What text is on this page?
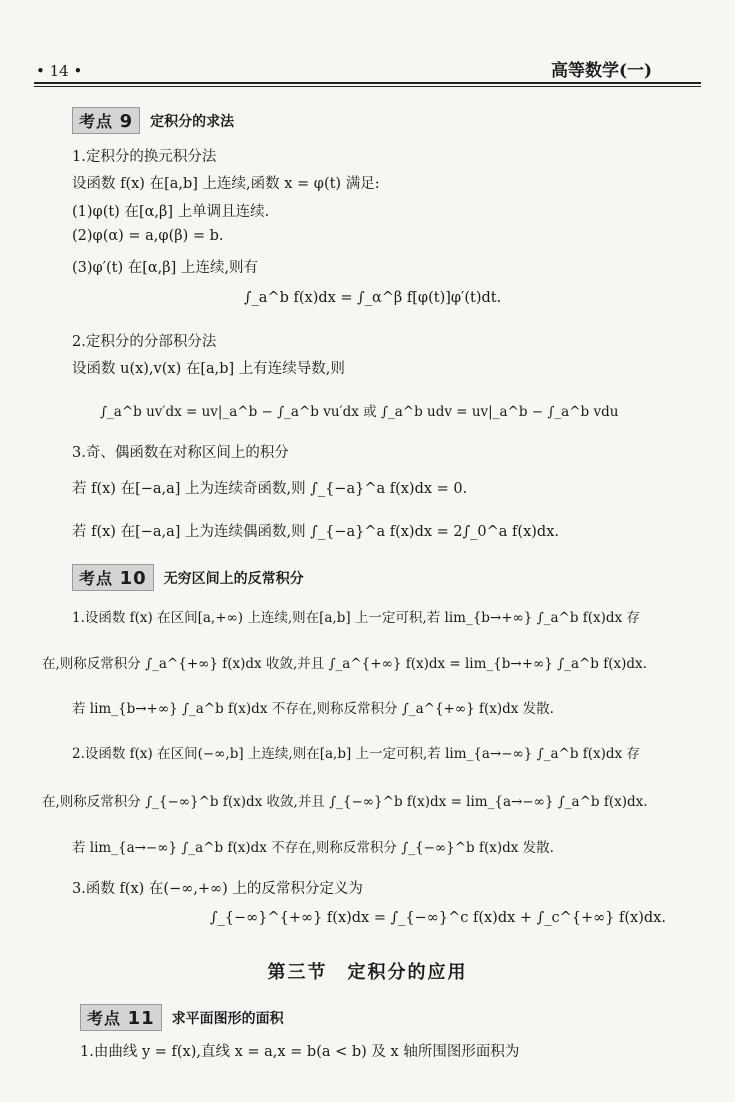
• 14 •	高等数学(一)
考点 9	定积分的求法
1.定积分的换元积分法
设函数 f(x) 在[a,b] 上连续,函数 x = φ(t) 满足:
(1)φ(t) 在[α,β] 上单调且连续.
(2)φ(α) = a,φ(β) = b.
(3)φ′(t) 在[α,β] 上连续,则有
∫_a^b f(x)dx = ∫_α^β f[φ(t)]φ′(t)dt.
2.定积分的分部积分法
设函数 u(x),v(x) 在[a,b] 上有连续导数,则
∫_a^b uv′dx = uv|_a^b − ∫_a^b vu′dx 或 ∫_a^b udv = uv|_a^b − ∫_a^b vdu
3.奇、偶函数在对称区间上的积分
若 f(x) 在[−a,a] 上为连续奇函数,则 ∫_{−a}^a f(x)dx = 0.
若 f(x) 在[−a,a] 上为连续偶函数,则 ∫_{−a}^a f(x)dx = 2∫_0^a f(x)dx.
考点 10	无穷区间上的反常积分
1.设函数 f(x) 在区间[a,+∞) 上连续,则在[a,b] 上一定可积,若 lim_{b→+∞} ∫_a^b f(x)dx 存
在,则称反常积分 ∫_a^{+∞} f(x)dx 收敛,并且 ∫_a^{+∞} f(x)dx = lim_{b→+∞} ∫_a^b f(x)dx.
若 lim_{b→+∞} ∫_a^b f(x)dx 不存在,则称反常积分 ∫_a^{+∞} f(x)dx 发散.
2.设函数 f(x) 在区间(−∞,b] 上连续,则在[a,b] 上一定可积,若 lim_{a→−∞} ∫_a^b f(x)dx 存
在,则称反常积分 ∫_{−∞}^b f(x)dx 收敛,并且 ∫_{−∞}^b f(x)dx = lim_{a→−∞} ∫_a^b f(x)dx.
若 lim_{a→−∞} ∫_a^b f(x)dx 不存在,则称反常积分 ∫_{−∞}^b f(x)dx 发散.
3.函数 f(x) 在(−∞,+∞) 上的反常积分定义为
∫_{−∞}^{+∞} f(x)dx = ∫_{−∞}^c f(x)dx + ∫_c^{+∞} f(x)dx.
第三节　定积分的应用
考点 11	求平面图形的面积
1.由曲线 y = f(x),直线 x = a,x = b(a < b) 及 x 轴所围图形面积为
